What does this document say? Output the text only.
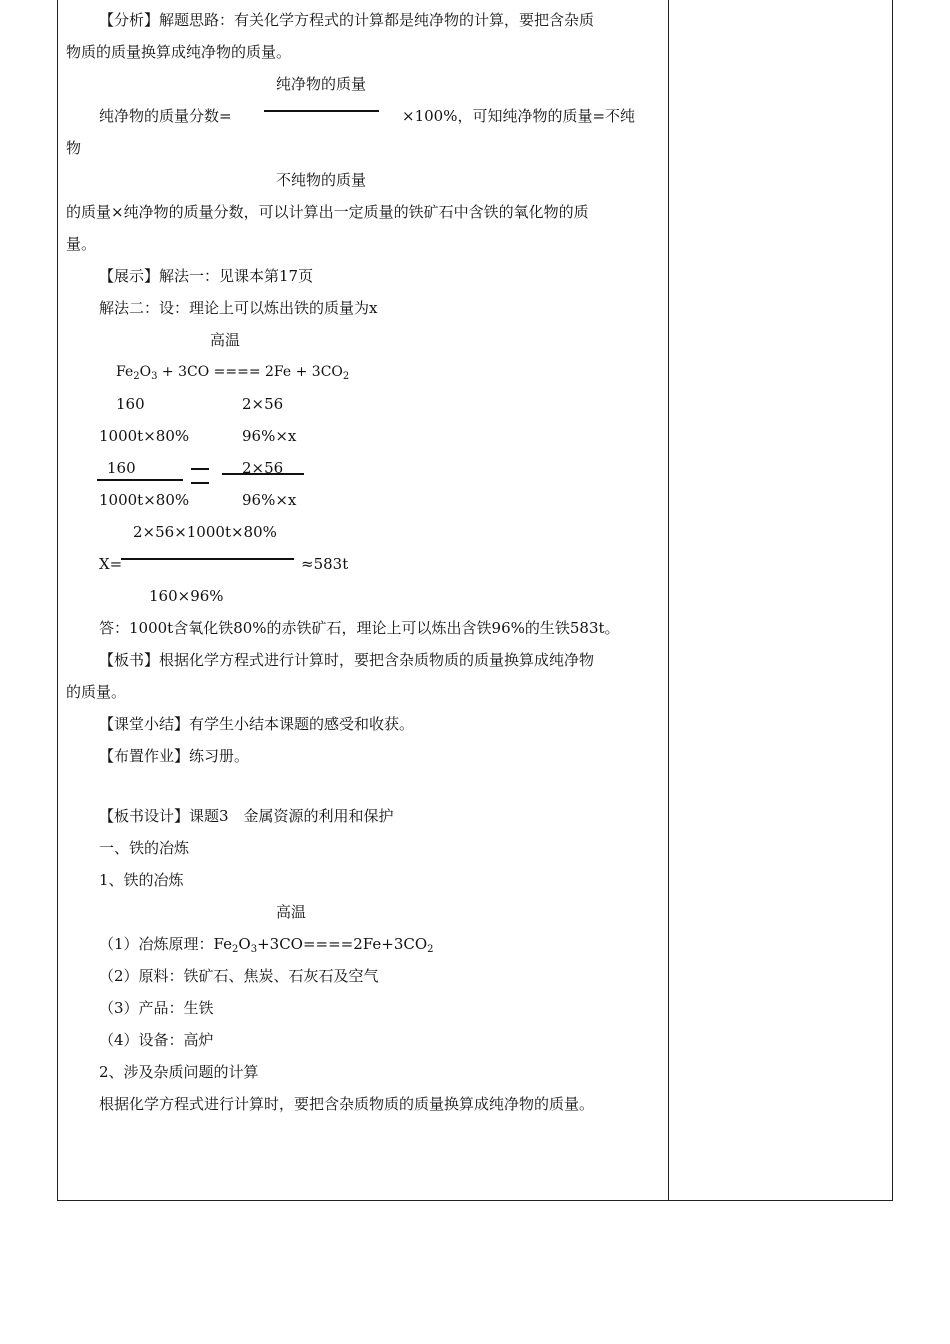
【分析】解题思路：有关化学方程式的计算都是纯净物的计算，要把含杂质
物质的质量换算成纯净物的质量。
纯净物的质量
纯净物的质量分数=	×100%，可知纯净物的质量=不纯
物
不纯物的质量
的质量×纯净物的质量分数，可以计算出一定质量的铁矿石中含铁的氧化物的质
量。
【展示】解法一：见课本第17页
解法二：设：理论上可以炼出铁的质量为x
高温
$Fe_2O_3 + 3CO$ ==== $2Fe + 3CO_2$
160	2×56
1000t×80%	96%×x
160	2×56
1000t×80%	96%×x
2×56×1000t×80%
X=	≈583t
160×96%
答：1000t含氧化铁80%的赤铁矿石，理论上可以炼出含铁96%的生铁583t。
【板书】根据化学方程式进行计算时，要把含杂质物质的质量换算成纯净物
的质量。
【课堂小结】有学生小结本课题的感受和收获。
【布置作业】练习册。
【板书设计】课题3　金属资源的利用和保护
一、铁的冶炼
1、铁的冶炼
高温
（1）冶炼原理：$Fe_2O_3+3CO====2Fe+3CO_2$
（2）原料：铁矿石、焦炭、石灰石及空气
（3）产品：生铁
（4）设备：高炉
2、涉及杂质问题的计算
根据化学方程式进行计算时，要把含杂质物质的质量换算成纯净物的质量。
